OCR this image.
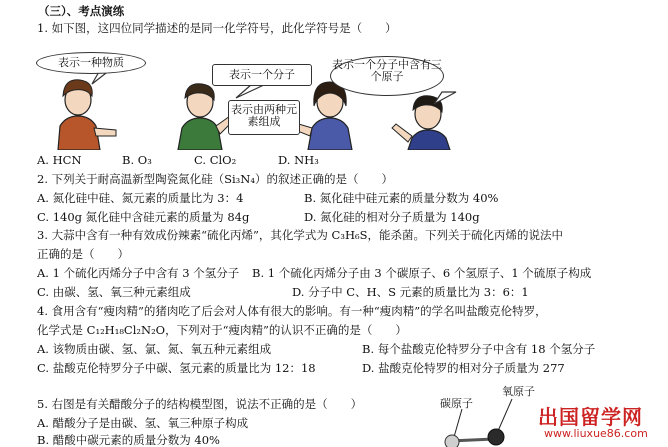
（三）、考点演练
1. 如下图，这四位同学描述的是同一化学符号，此化学符号是（　　）
表示一种物质
表示一个分子
表示由两种元素组成
表示一个分子中含有三个原子
A. HCN	B. O₃	C. ClO₂	D. NH₃
2. 下列关于耐高温新型陶瓷氮化硅（Si₃N₄）的叙述正确的是（　　）
A. 氮化硅中硅、氮元素的质量比为 3：4	B. 氮化硅中硅元素的质量分数为 40%
C. 140g 氮化硅中含硅元素的质量为 84g	D. 氮化硅的相对分子质量为 140g
3. 大蒜中含有一种有效成份辣素“硫化丙烯”，其化学式为 C₃H₆S，能杀菌。下列关于硫化丙烯的说法中
正确的是（　　）
A. 1 个硫化丙烯分子中含有 3 个氢分子 B. 1 个硫化丙烯分子由 3 个碳原子、6 个氢原子、1 个硫原子构成
C. 由碳、氢、氧三种元素组成	D. 分子中 C、H、S 元素的质量比为 3：6：1
4. 食用含有“瘦肉精”的猪肉吃了后会对人体有很大的影响。有一种“瘦肉精”的学名叫盐酸克伦特罗，
化学式是 C₁₂H₁₈Cl₂N₂O，下列对于“瘦肉精”的认识不正确的是（　　）
A. 该物质由碳、氢、氯、氮、氧五种元素组成	B. 每个盐酸克伦特罗分子中含有 18 个氢分子
C. 盐酸克伦特罗分子中碳、氢元素的质量比为 12：18	D. 盐酸克伦特罗的相对分子质量为 277
5. 右图是有关醋酸分子的结构模型图，说法不正确的是（　　）
A. 醋酸分子是由碳、氢、氧三种原子构成
B. 醋酸中碳元素的质量分数为 40%
碳原子
氧原子
出国留学网
www.liuxue86.com
